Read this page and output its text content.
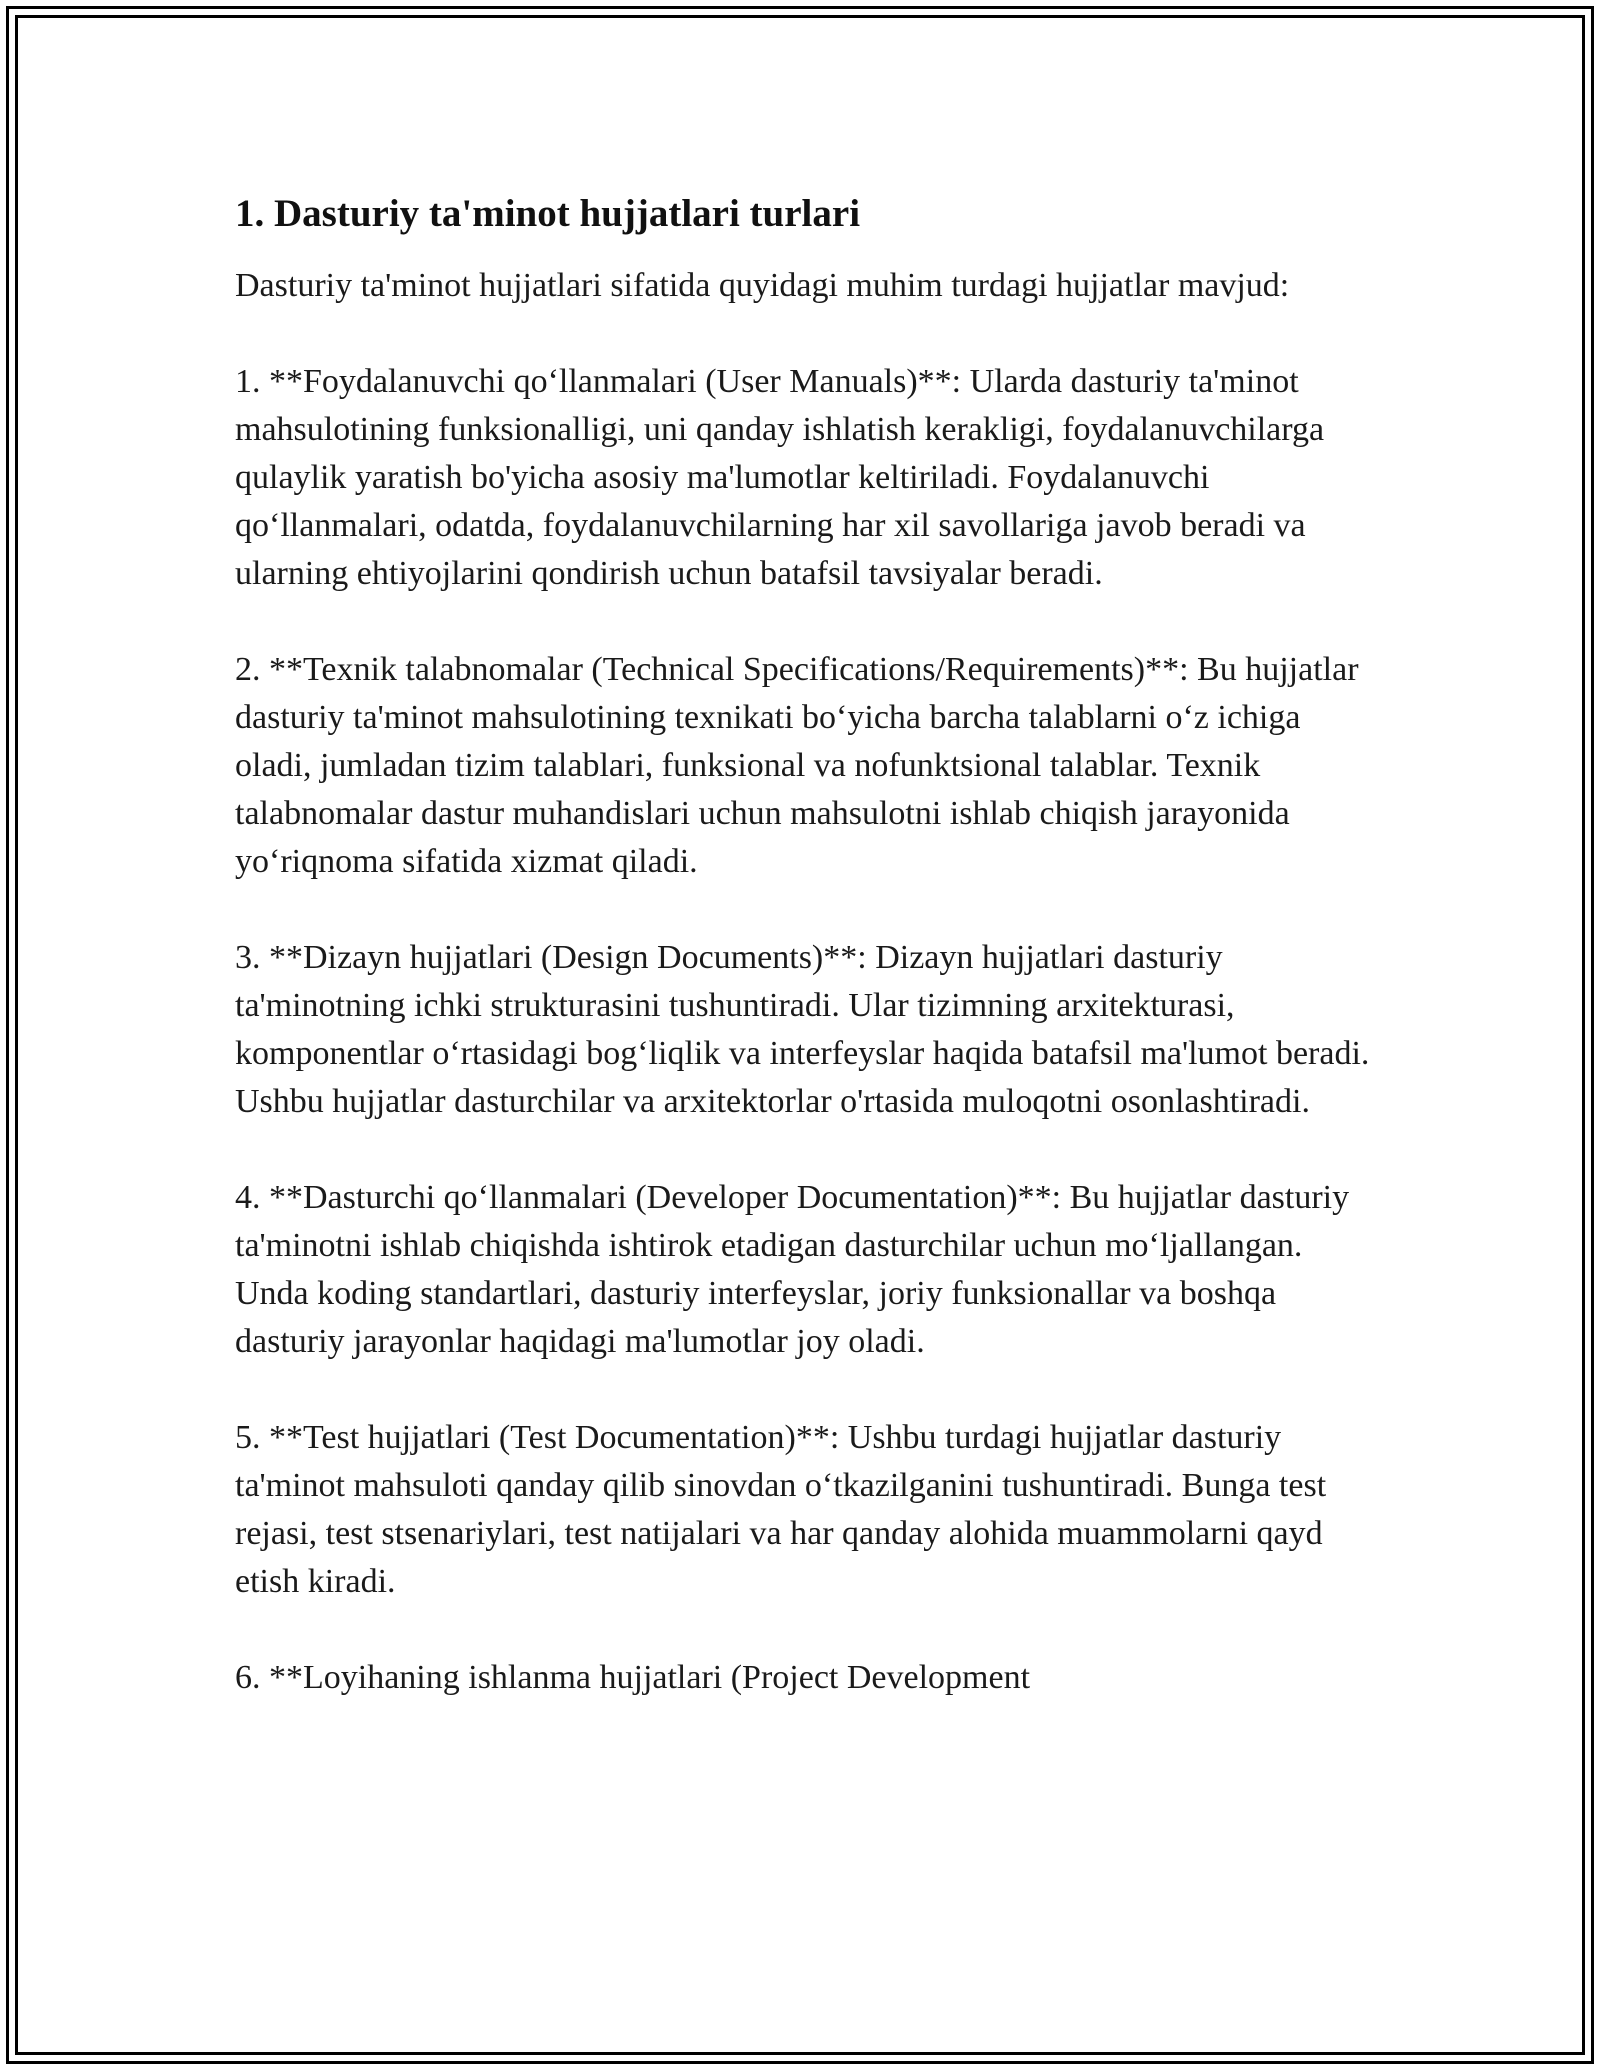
1. Dasturiy ta'minot hujjatlari turlari

Dasturiy ta'minot hujjatlari sifatida quyidagi muhim turdagi hujjatlar mavjud:

1. **Foydalanuvchi qo‘llanmalari (User Manuals)**: Ularda dasturiy ta'minot mahsulotining funksionalligi, uni qanday ishlatish kerakligi, foydalanuvchilarga qulaylik yaratish bo'yicha asosiy ma'lumotlar keltiriladi. Foydalanuvchi qo‘llanmalari, odatda, foydalanuvchilarning har xil savollariga javob beradi va ularning ehtiyojlarini qondirish uchun batafsil tavsiyalar beradi.

2. **Texnik talabnomalar (Technical Specifications/Requirements)**: Bu hujjatlar dasturiy ta'minot mahsulotining texnikati bo‘yicha barcha talablarni o‘z ichiga oladi, jumladan tizim talablari, funksional va nofunktsional talablar. Texnik talabnomalar dastur muhandislari uchun mahsulotni ishlab chiqish jarayonida yo‘riqnoma sifatida xizmat qiladi.

3. **Dizayn hujjatlari (Design Documents)**: Dizayn hujjatlari dasturiy ta'minotning ichki strukturasini tushuntiradi. Ular tizimning arxitekturasi, komponentlar o‘rtasidagi bog‘liqlik va interfeyslar haqida batafsil ma'lumot beradi. Ushbu hujjatlar dasturchilar va arxitektorlar o'rtasida muloqotni osonlashtiradi.

4. **Dasturchi qo‘llanmalari (Developer Documentation)**: Bu hujjatlar dasturiy ta'minotni ishlab chiqishda ishtirok etadigan dasturchilar uchun mo‘ljallangan. Unda koding standartlari, dasturiy interfeyslar, joriy funksionallar va boshqa dasturiy jarayonlar haqidagi ma'lumotlar joy oladi.

5. **Test hujjatlari (Test Documentation)**: Ushbu turdagi hujjatlar dasturiy ta'minot mahsuloti qanday qilib sinovdan o‘tkazilganini tushuntiradi. Bunga test rejasi, test stsenariylari, test natijalari va har qanday alohida muammolarni qayd etish kiradi.

6. **Loyihaning ishlanma hujjatlari (Project Development
